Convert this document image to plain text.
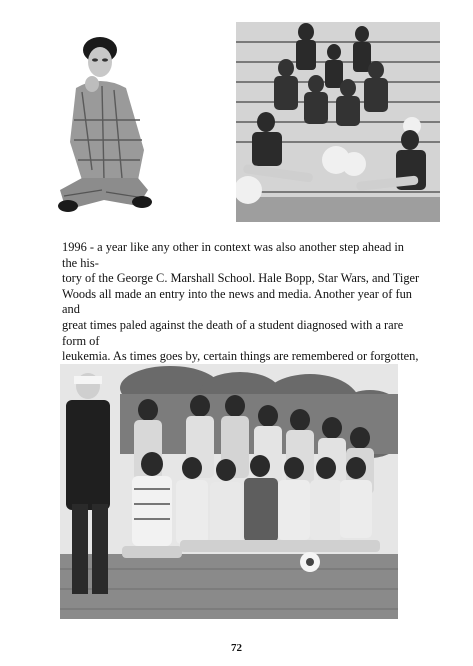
1996 - a year like any other in context was also another step ahead in the his-
tory of the George C. Marshall School. Hale Bopp, Star Wars, and Tiger
Woods all made an entry into the news and media. Another year of fun and
great times paled against the death of a student diagnosed with a rare form of
leukemia. As times goes by, certain things are remembered or forgotten,

72
